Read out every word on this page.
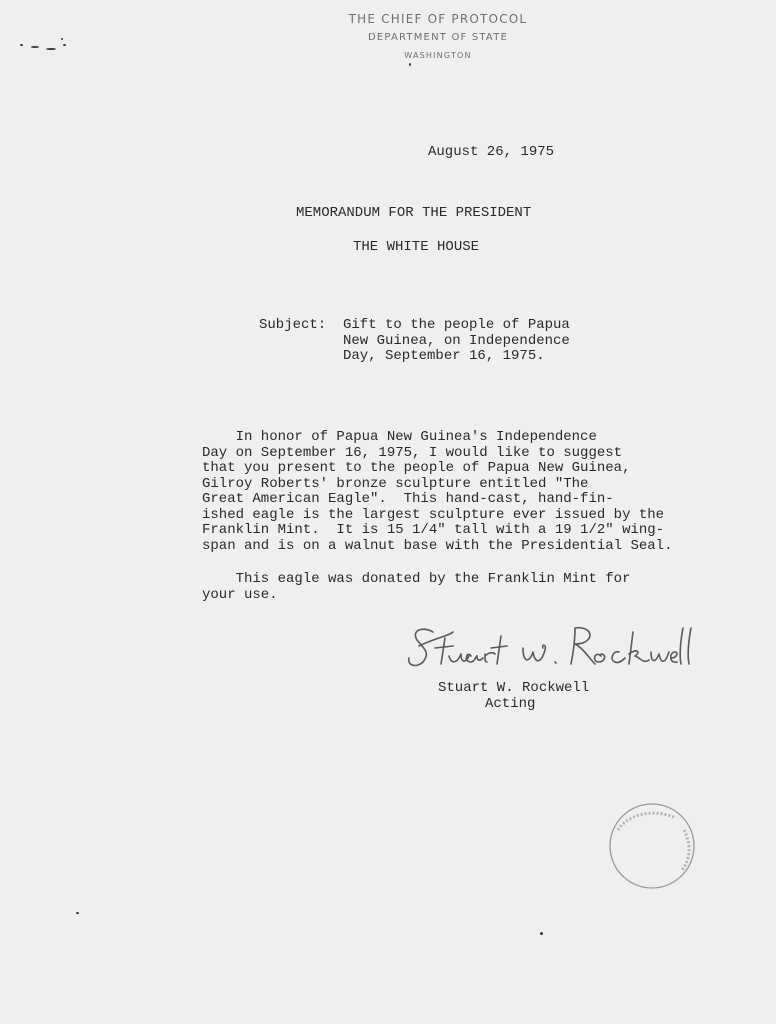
THE CHIEF OF PROTOCOL
DEPARTMENT OF STATE
WASHINGTON
August 26, 1975
MEMORANDUM FOR THE PRESIDENT
THE WHITE HOUSE
Subject: Gift to the people of Papua
New Guinea, on Independence
Day, September 16, 1975.
In honor of Papua New Guinea's Independence
Day on September 16, 1975, I would like to suggest
that you present to the people of Papua New Guinea,
Gilroy Roberts' bronze sculpture entitled "The
Great American Eagle".  This hand-cast, hand-fin-
ished eagle is the largest sculpture ever issued by the
Franklin Mint.  It is 15 1/4" tall with a 19 1/2" wing-
span and is on a walnut base with the Presidential Seal.
This eagle was donated by the Franklin Mint for
your use.
Stuart W. Rockwell
Acting
